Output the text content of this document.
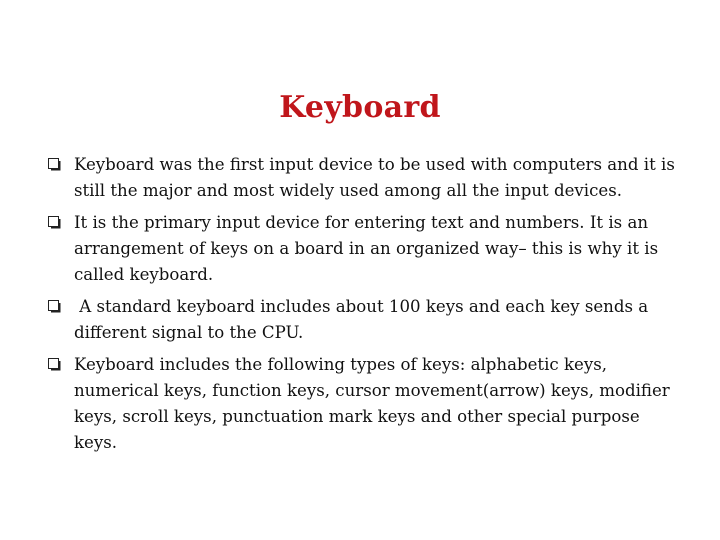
Keyboard
Keyboard was the first input device to be used with computers and it is still the major and most widely used among all the input devices.
It is the primary input device for entering text and numbers. It is an arrangement of keys on a board in an organized way– this is why it is called keyboard.
A standard keyboard includes about 100 keys and each key sends a different signal to the CPU.
Keyboard includes the following types of keys: alphabetic keys, numerical keys, function keys, cursor movement(arrow) keys, modifier keys, scroll keys, punctuation mark keys and other special purpose keys.
